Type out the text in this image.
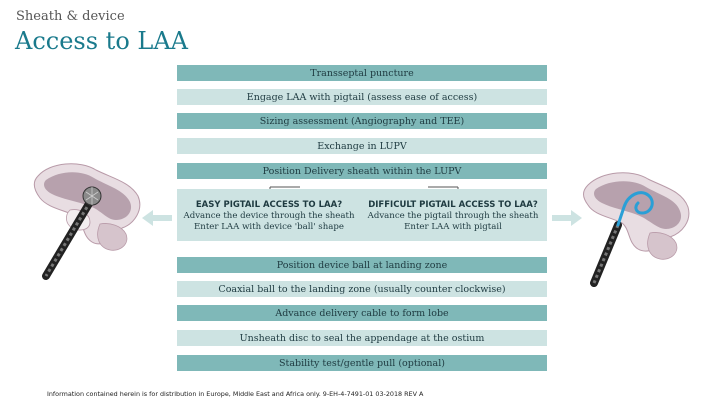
Sheath & device
Access to LAA
Transseptal puncture
Engage LAA with pigtail (assess ease of access)
Sizing assessment (Angiography and TEE)
Exchange in LUPV
Position Delivery sheath within the LUPV
EASY PIGTAIL ACCESS TO LAA?
Advance the device through the sheath
Enter LAA with device 'ball' shape
DIFFICULT PIGTAIL ACCESS TO LAA?
Advance the pigtail through the sheath
Enter LAA with pigtail
Position device ball at landing zone
Coaxial ball to the landing zone (usually counter clockwise)
Advance delivery cable to form lobe
Unsheath disc to seal the appendage at the ostium
Stability test/gentle pull (optional)
Information contained herein is for distribution in Europe, Middle East and Africa only. 9-EH-4-7491-01 03-2018 REV A
